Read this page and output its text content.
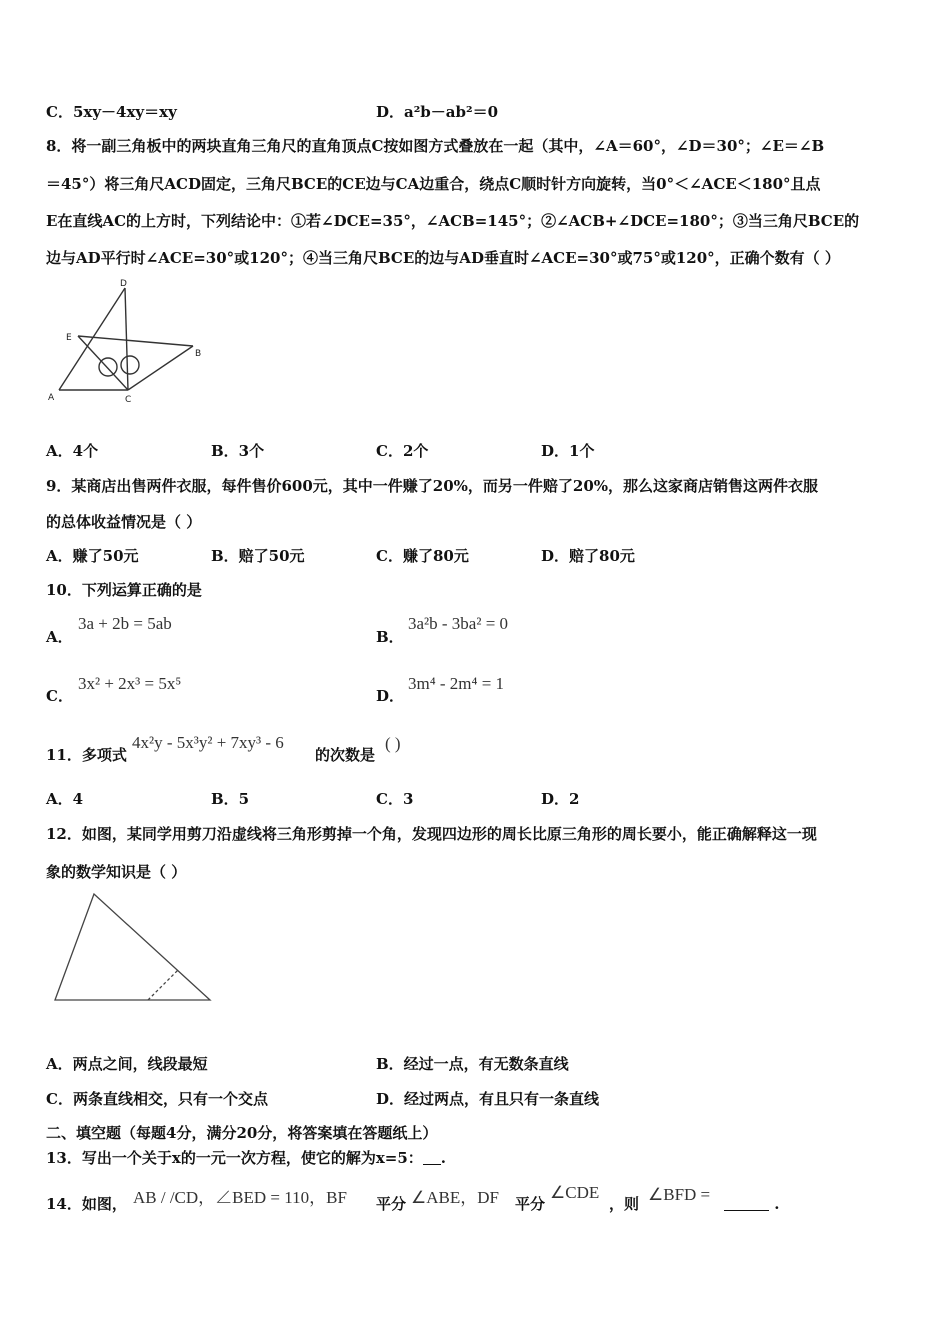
C．5xy－4xy＝xy	D．a²b－ab²＝0
8．将一副三角板中的两块直角三角尺的直角顶点C按如图方式叠放在一起（其中，∠A＝60°，∠D＝30°；∠E＝∠B
＝45°）将三角尺ACD固定，三角尺BCE的CE边与CA边重合，绕点C顺时针方向旋转，当0°＜∠ACE＜180°且点
E在直线AC的上方时，下列结论中：①若∠DCE=35°，∠ACB=145°；②∠ACB+∠DCE=180°；③当三角尺BCE的
边与AD平行时∠ACE=30°或120°；④当三角尺BCE的边与AD垂直时∠ACE=30°或75°或120°，正确个数有（ ）
D
E
B
A	C
A．4个	B．3个	C．2个	D．1个
9．某商店出售两件衣服，每件售价600元，其中一件赚了20%，而另一件赔了20%，那么这家商店销售这两件衣服
的总体收益情况是（ ）
A．赚了50元	B．赔了50元	C．赚了80元	D．赔了80元
10．下列运算正确的是
A．
3a + 2b = 5ab
B．
3a²b - 3ba² = 0
C．
3x² + 2x³ = 5x⁵
D．
3m⁴ - 2m⁴ = 1
11．多项式
4x²y - 5x³y² + 7xy³ - 6
的次数是
( )
A．4	B．5	C．3	D．2
12．如图，某同学用剪刀沿虚线将三角形剪掉一个角，发现四边形的周长比原三角形的周长要小，能正确解释这一现
象的数学知识是（ ）
A．两点之间，线段最短	B．经过一点，有无数条直线
C．两条直线相交，只有一个交点	D．经过两点，有且只有一条直线
二、填空题（每题4分，满分20分，将答案填在答题纸上）
13．写出一个关于x的一元一次方程，使它的解为x=5： .
14．如图， AB / /CD，∠BED = 110，BF 平分 ∠ABE，DF 平分
∠CDE
，则 ∠BFD =	.
